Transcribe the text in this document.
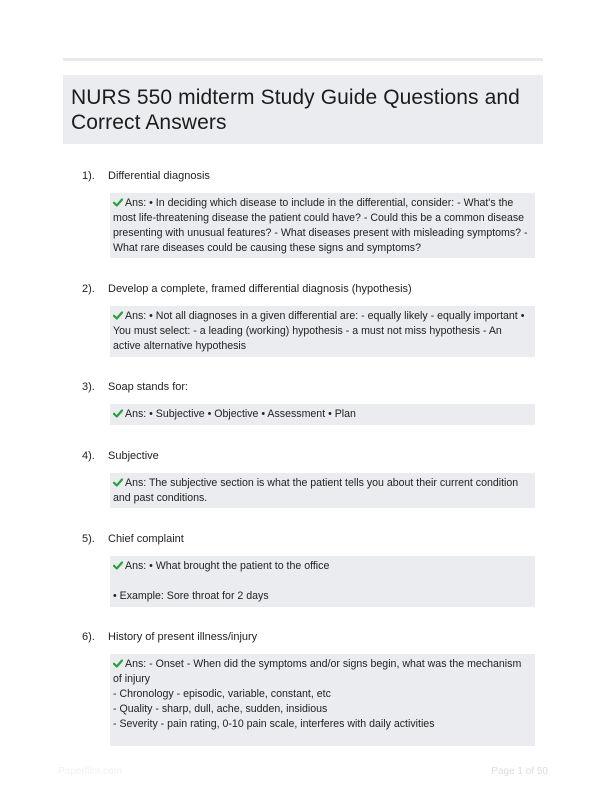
NURS 550 midterm Study Guide Questions and Correct Answers
1). Differential diagnosis

Ans: • In deciding which disease to include in the differential, consider: - What's the most life-threatening disease the patient could have? - Could this be a common disease presenting with unusual features? - What diseases present with misleading symptoms? - What rare diseases could be causing these signs and symptoms?

2). Develop a complete, framed differential diagnosis (hypothesis)

Ans: • Not all diagnoses in a given differential are: - equally likely - equally important • You must select: - a leading (working) hypothesis - a must not miss hypothesis - An active alternative hypothesis

3). Soap stands for:

Ans: • Subjective • Objective • Assessment • Plan

4). Subjective

Ans: The subjective section is what the patient tells you about their current condition and past conditions.

5). Chief complaint

Ans: • What brought the patient to the office

• Example: Sore throat for 2 days

6). History of present illness/injury

Ans: - Onset - When did the symptoms and/or signs begin, what was the mechanism of injury

- Chronology - episodic, variable, constant, etc

- Quality - sharp, dull, ache, sudden, insidious

- Severity - pain rating, 0-10 pain scale, interferes with daily activities

Paperfilm.com	Page 1 of 50
